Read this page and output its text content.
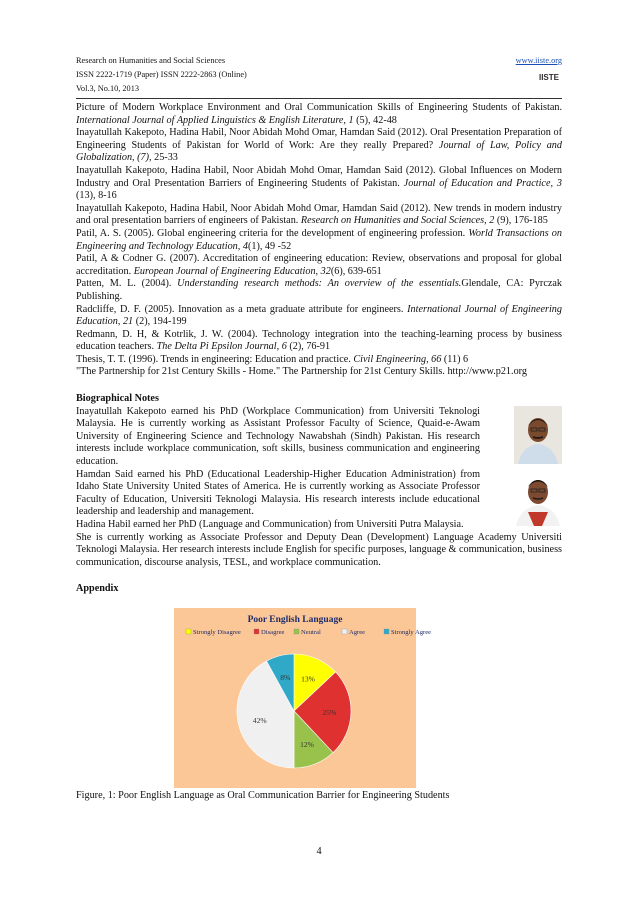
Research on Humanities and Social Sciences	www.iiste.org
ISSN 2222-1719 (Paper) ISSN 2222-2863 (Online)
Vol.3, No.10, 2013
IISTE

Picture of Modern Workplace Environment and Oral Communication Skills of Engineering Students of Pakistan. International Journal of Applied Linguistics & English Literature, 1 (5), 42-48

Inayatullah Kakepoto, Hadina Habil, Noor Abidah Mohd Omar, Hamdan Said (2012). Oral Presentation Preparation of Engineering Students of Pakistan for World of Work: Are they really Prepared? Journal of Law, Policy and Globalization, (7), 25-33

Inayatullah Kakepoto, Hadina Habil, Noor Abidah Mohd Omar, Hamdan Said (2012). Global Influences on Modern Industry and Oral Presentation Barriers of Engineering Students of Pakistan. Journal of Education and Practice, 3 (13), 8-16

Inayatullah Kakepoto, Hadina Habil, Noor Abidah Mohd Omar, Hamdan Said (2012). New trends in modern industry and oral presentation barriers of engineers of Pakistan. Research on Humanities and Social Sciences, 2 (9), 176-185

Patil, A. S. (2005). Global engineering criteria for the development of engineering profession. World Transactions on Engineering and Technology Education, 4(1), 49 -52

Patil, A & Codner G. (2007). Accreditation of engineering education: Review, observations and proposal for global accreditation. European Journal of Engineering Education, 32(6), 639-651

Patten, M. L. (2004). Understanding research methods: An overview of the essentials.Glendale, CA: Pyrczak Publishing.

Radcliffe, D. F. (2005). Innovation as a meta graduate attribute for engineers. International Journal of Engineering Education, 21 (2), 194-199

Redmann, D. H, & Kotrlik, J. W. (2004). Technology integration into the teaching-learning process by business education teachers. The Delta Pi Epsilon Journal, 6 (2), 76-91

Thesis, T. T. (1996). Trends in engineering: Education and practice. Civil Engineering, 66 (11) 6

"The Partnership for 21st Century Skills - Home." The Partnership for 21st Century Skills. http://www.p21.org

Biographical Notes

Inayatullah Kakepoto earned his PhD (Workplace Communication) from Universiti Teknologi Malaysia. He is currently working as Assistant Professor Faculty of Science, Quaid-e-Awam University of Engineering Science and Technology Nawabshah (Sindh) Pakistan. His research interests include workplace communication, soft skills, business communication and engineering education.

Hamdan Said earned his PhD (Educational Leadership-Higher Education Administration) from Idaho State University United States of America. He is currently working as Associate Professor Faculty of Education, Universiti Teknologi Malaysia. His research interests include educational leadership and leadership and management.

Hadina Habil earned her PhD (Language and Communication) from Universiti Putra Malaysia.

She is currently working as Associate Professor and Deputy Dean (Development) Language Academy Universiti Teknologi Malaysia. Her research interests include English for specific purposes, language & communication, business communication, discourse analysis, TESL, and workplace communication.

Appendix

Poor English Language
Strongly Disagree	Disagree	Neutral	Agree	Strongly Agree
13%
25%
12%
42%
8%
Figure, 1: Poor English Language as Oral Communication Barrier for Engineering Students
4
